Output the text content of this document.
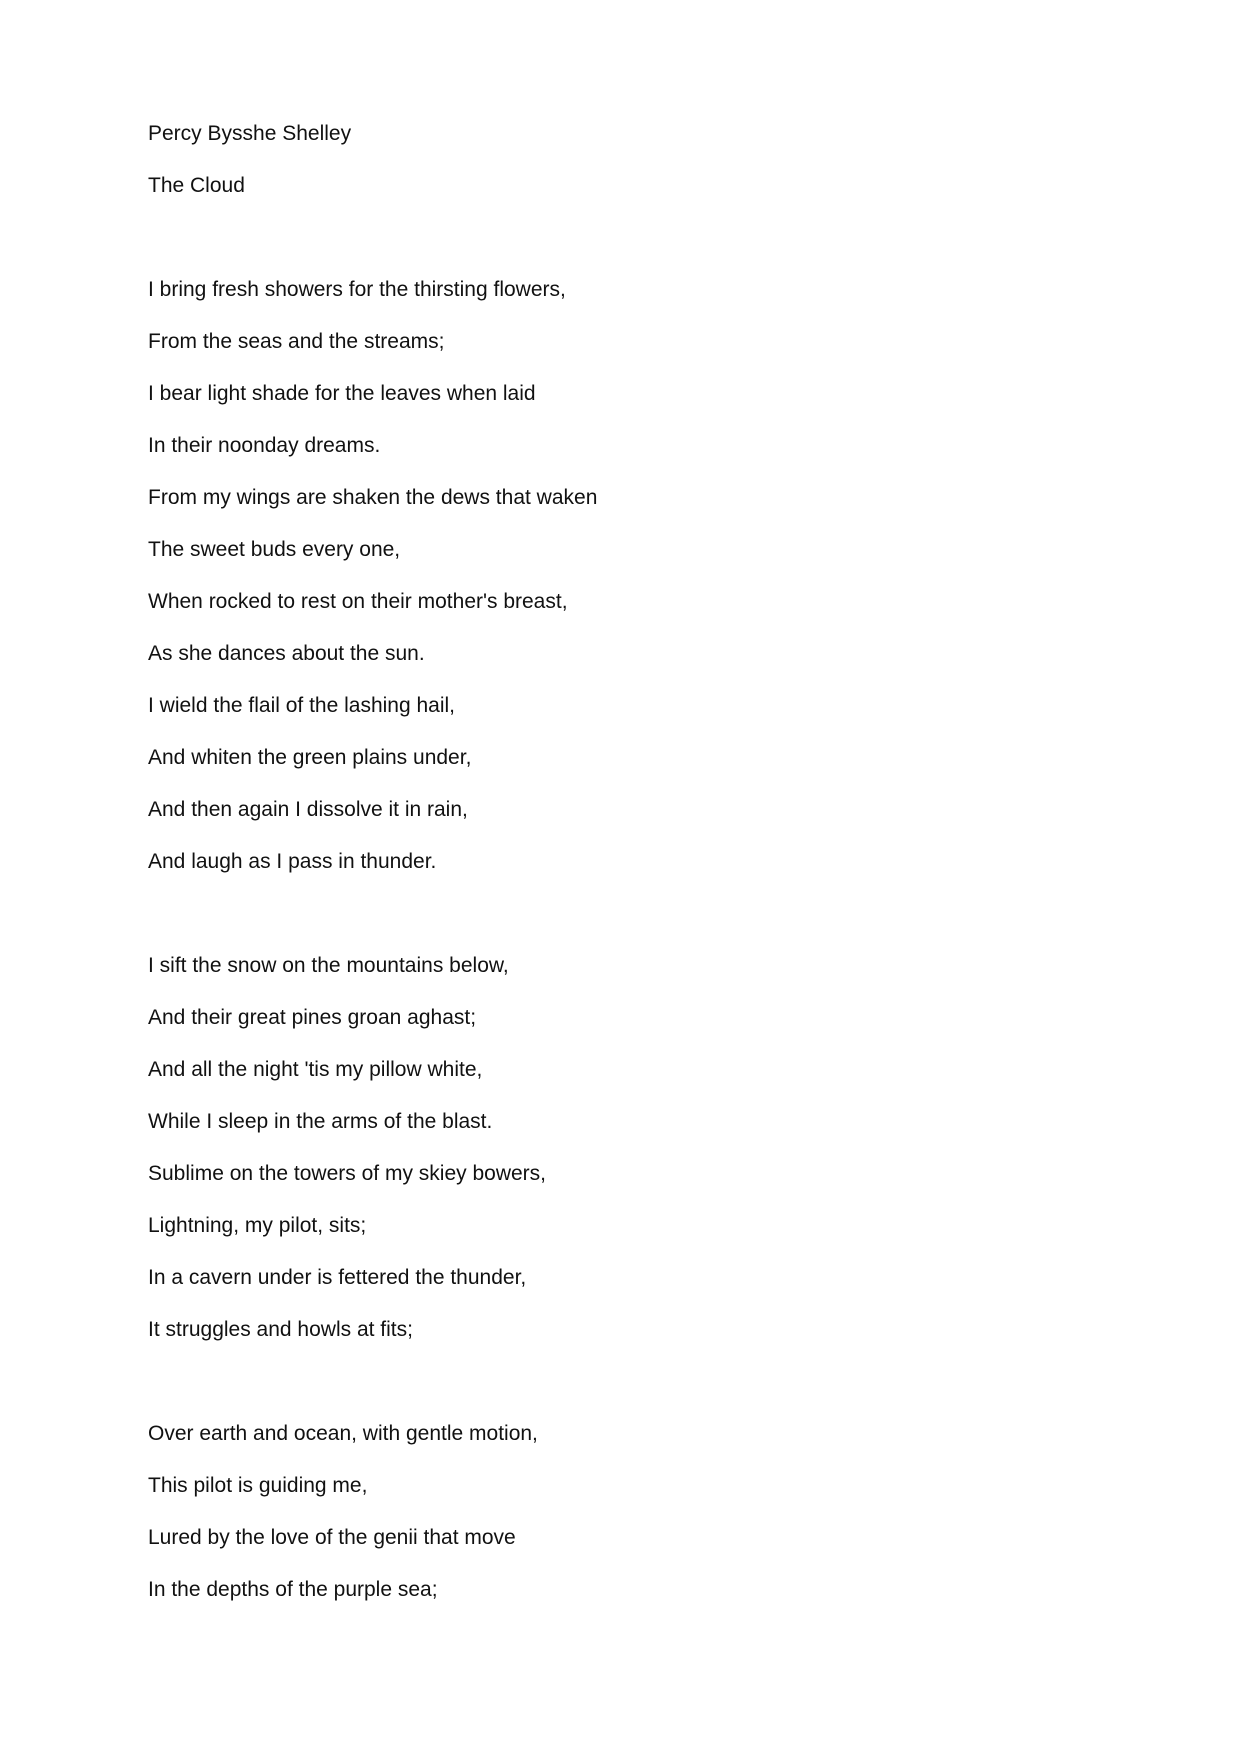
Percy Bysshe Shelley
The Cloud
I bring fresh showers for the thirsting flowers,
From the seas and the streams;
I bear light shade for the leaves when laid
In their noonday dreams.
From my wings are shaken the dews that waken
The sweet buds every one,
When rocked to rest on their mother's breast,
As she dances about the sun.
I wield the flail of the lashing hail,
And whiten the green plains under,
And then again I dissolve it in rain,
And laugh as I pass in thunder.
I sift the snow on the mountains below,
And their great pines groan aghast;
And all the night 'tis my pillow white,
While I sleep in the arms of the blast.
Sublime on the towers of my skiey bowers,
Lightning, my pilot, sits;
In a cavern under is fettered the thunder,
It struggles and howls at fits;
Over earth and ocean, with gentle motion,
This pilot is guiding me,
Lured by the love of the genii that move
In the depths of the purple sea;
